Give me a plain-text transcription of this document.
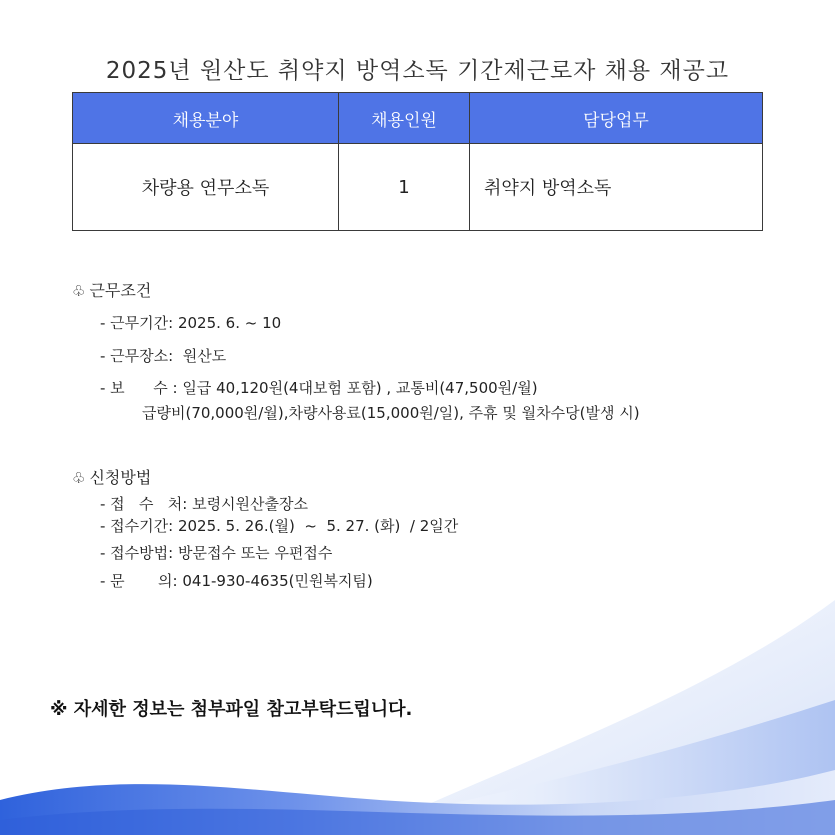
2025년 원산도 취약지 방역소독 기간제근로자 채용 재공고
채용분야	채용인원	담당업무
차량용 연무소독	1	취약지 방역소독
♧ 근무조건
- 근무기간: 2025. 6. ~ 10
- 근무장소:  원산도
- 보      수 : 일급 40,120원(4대보험 포함) , 교통비(47,500원/월)
급량비(70,000원/월),차량사용료(15,000원/일), 주휴 및 월차수당(발생 시)
♧ 신청방법
- 접   수   처: 보령시원산출장소
- 접수기간: 2025. 5. 26.(월)  ~  5. 27. (화)  / 2일간
- 접수방법: 방문접수 또는 우편접수
- 문       의: 041-930-4635(민원복지팀)
※ 자세한 정보는 첨부파일 참고부탁드립니다.
